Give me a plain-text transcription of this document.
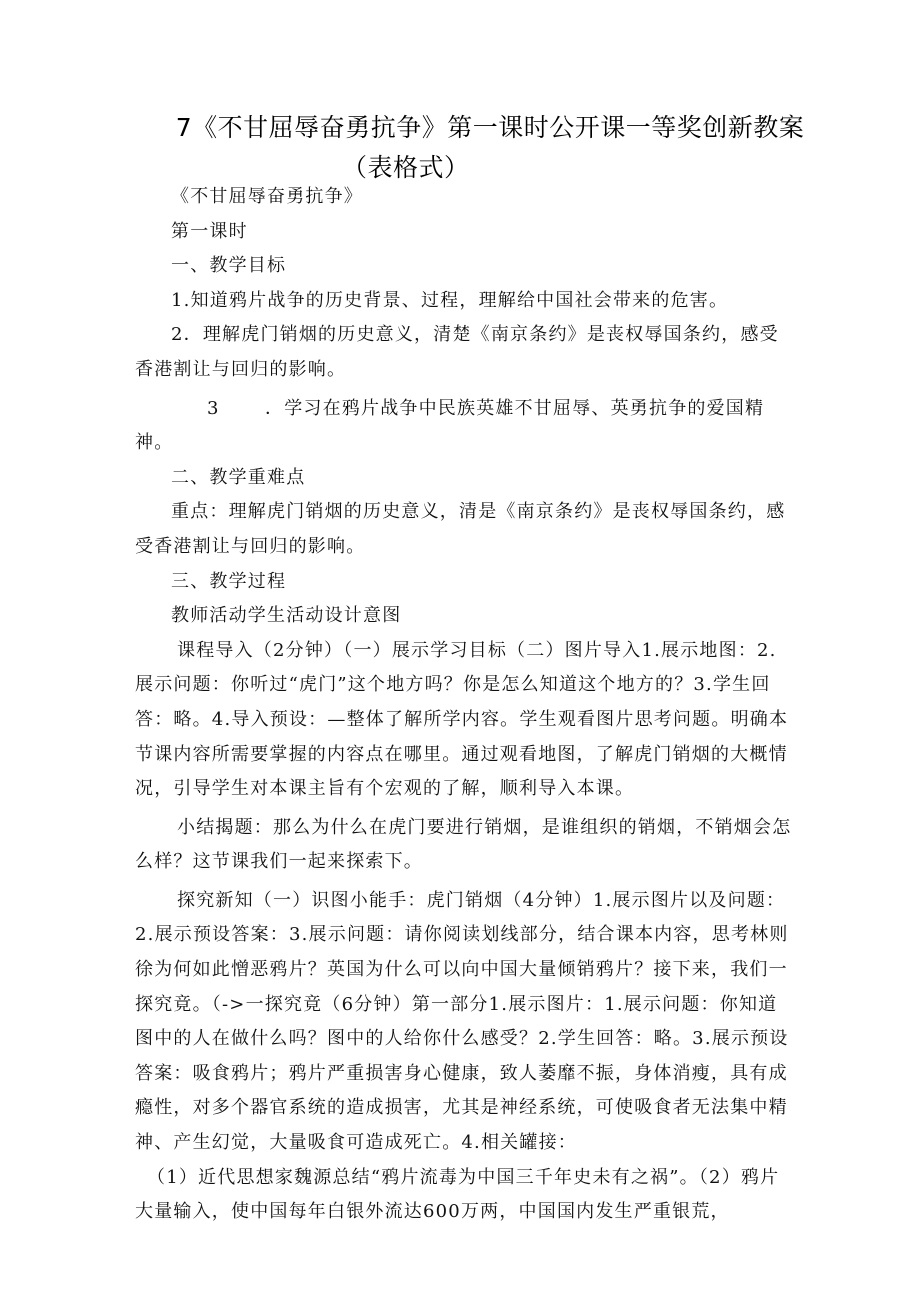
7《不甘屈辱奋勇抗争》第一课时公开课一等奖创新教案
（表格式）

《不甘屈辱奋勇抗争》

第一课时

一、教学目标

1.知道鸦片战争的历史背景、过程，理解给中国社会带来的危害。

2．理解虎门销烟的历史意义，清楚《南京条约》是丧权辱国条约，感受香港割让与回归的影响。

3	．学习在鸦片战争中民族英雄不甘屈辱、英勇抗争的爱国精神。

二、教学重难点

重点：理解虎门销烟的历史意义，清是《南京条约》是丧权辱国条约，感受香港割让与回归的影响。

三、教学过程

教师活动学生活动设计意图

课程导入（2分钟）（一）展示学习目标（二）图片导入1.展示地图：2.展示问题：你听过“虎门”这个地方吗？你是怎么知道这个地方的？3.学生回答：略。4.导入预设：—整体了解所学内容。学生观看图片思考问题。明确本节课内容所需要掌握的内容点在哪里。通过观看地图，了解虎门销烟的大概情况，引导学生对本课主旨有个宏观的了解，顺利导入本课。

小结揭题：那么为什么在虎门要进行销烟，是谁组织的销烟，不销烟会怎么样？这节课我们一起来探索下。

探究新知（一）识图小能手：虎门销烟（4分钟）1.展示图片以及问题：2.展示预设答案：3.展示问题：请你阅读划线部分，结合课本内容，思考林则徐为何如此憎恶鸦片？英国为什么可以向中国大量倾销鸦片？接下来，我们一探究竟。（->一探究竟（6分钟）第一部分1.展示图片：1.展示问题：你知道图中的人在做什么吗？图中的人给你什么感受？2.学生回答：略。3.展示预设答案：吸食鸦片；鸦片严重损害身心健康，致人萎靡不振，身体消瘦，具有成瘾性，对多个器官系统的造成损害，尤其是神经系统，可使吸食者无法集中精神、产生幻觉，大量吸食可造成死亡。4.相关罐接：

（1）近代思想家魏源总结“鸦片流毒为中国三千年史未有之祸”。（2）鸦片大量输入，使中国每年白银外流达600万两，中国国内发生严重银荒，
